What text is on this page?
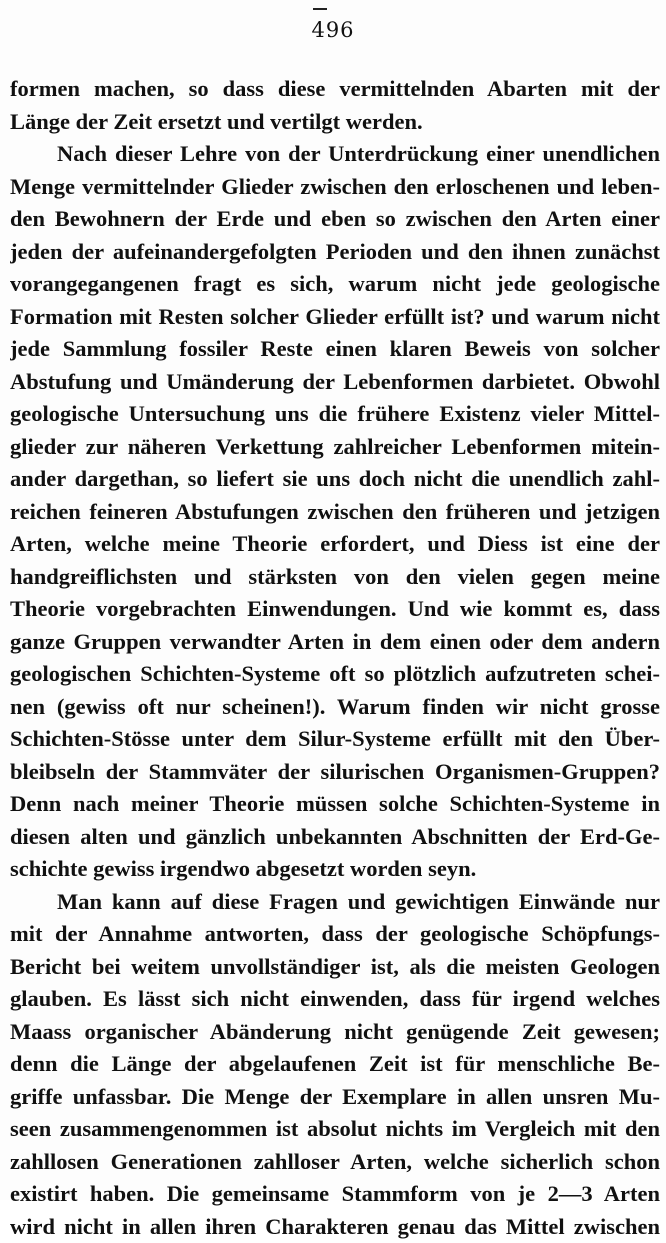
496
formen machen, so dass diese vermittelnden Abarten mit der
Länge der Zeit ersetzt und vertilgt werden.
Nach dieser Lehre von der Unterdrückung einer unendlichen
Menge vermittelnder Glieder zwischen den erloschenen und leben-
den Bewohnern der Erde und eben so zwischen den Arten einer
jeden der aufeinandergefolgten Perioden und den ihnen zunächst
vorangegangenen fragt es sich, warum nicht jede geologische
Formation mit Resten solcher Glieder erfüllt ist? und warum nicht
jede Sammlung fossiler Reste einen klaren Beweis von solcher
Abstufung und Umänderung der Lebenformen darbietet. Obwohl
geologische Untersuchung uns die frühere Existenz vieler Mittel-
glieder zur näheren Verkettung zahlreicher Lebenformen mitein-
ander dargethan, so liefert sie uns doch nicht die unendlich zahl-
reichen feineren Abstufungen zwischen den früheren und jetzigen
Arten, welche meine Theorie erfordert, und Diess ist eine der
handgreiflichsten und stärksten von den vielen gegen meine
Theorie vorgebrachten Einwendungen. Und wie kommt es, dass
ganze Gruppen verwandter Arten in dem einen oder dem andern
geologischen Schichten-Systeme oft so plötzlich aufzutreten schei-
nen (gewiss oft nur scheinen!). Warum finden wir nicht grosse
Schichten-Stösse unter dem Silur-Systeme erfüllt mit den Über-
bleibseln der Stammväter der silurischen Organismen-Gruppen?
Denn nach meiner Theorie müssen solche Schichten-Systeme in
diesen alten und gänzlich unbekannten Abschnitten der Erd-Ge-
schichte gewiss irgendwo abgesetzt worden seyn.
Man kann auf diese Fragen und gewichtigen Einwände nur
mit der Annahme antworten, dass der geologische Schöpfungs-
Bericht bei weitem unvollständiger ist, als die meisten Geologen
glauben. Es lässt sich nicht einwenden, dass für irgend welches
Maass organischer Abänderung nicht genügende Zeit gewesen;
denn die Länge der abgelaufenen Zeit ist für menschliche Be-
griffe unfassbar. Die Menge der Exemplare in allen unsren Mu-
seen zusammengenommen ist absolut nichts im Vergleich mit den
zahllosen Generationen zahlloser Arten, welche sicherlich schon
existirt haben. Die gemeinsame Stammform von je 2—3 Arten
wird nicht in allen ihren Charakteren genau das Mittel zwischen
